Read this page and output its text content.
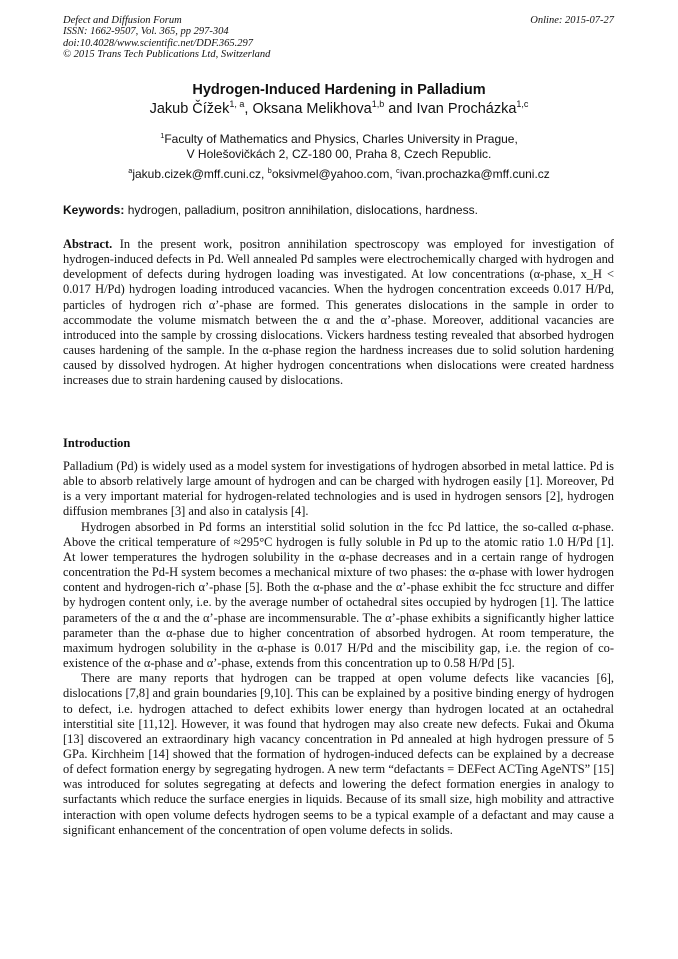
Defect and Diffusion Forum
ISSN: 1662-9507, Vol. 365, pp 297-304
doi:10.4028/www.scientific.net/DDF.365.297
© 2015 Trans Tech Publications Ltd, Switzerland
Online: 2015-07-27
Hydrogen-Induced Hardening in Palladium
Jakub Čížek$^{1, a}$, Oksana Melikhova$^{1,b}$ and Ivan Procházka$^{1,c}$
$^1$Faculty of Mathematics and Physics, Charles University in Prague,
V Holešovičkách 2, CZ-180 00, Praha 8, Czech Republic.
$^a$jakub.cizek@mff.cuni.cz, $^b$oksivmel@yahoo.com, $^c$ivan.prochazka@mff.cuni.cz
Keywords: hydrogen, palladium, positron annihilation, dislocations, hardness.

Abstract. In the present work, positron annihilation spectroscopy was employed for investigation of hydrogen-induced defects in Pd. Well annealed Pd samples were electrochemically charged with hydrogen and development of defects during hydrogen loading was investigated. At low concentrations (α-phase, x_H < 0.017 H/Pd) hydrogen loading introduced vacancies. When the hydrogen concentration exceeds 0.017 H/Pd, particles of hydrogen rich α’-phase are formed. This generates dislocations in the sample in order to accommodate the volume mismatch between the α and the α’-phase. Moreover, additional vacancies are introduced into the sample by crossing dislocations. Vickers hardness testing revealed that absorbed hydrogen causes hardening of the sample. In the α-phase region the hardness increases due to solid solution hardening caused by dissolved hydrogen. At higher hydrogen concentrations when dislocations were created hardness increases due to strain hardening caused by dislocations.

Introduction

Palladium (Pd) is widely used as a model system for investigations of hydrogen absorbed in metal lattice. Pd is able to absorb relatively large amount of hydrogen and can be charged with hydrogen easily [1]. Moreover, Pd is a very important material for hydrogen-related technologies and is used in hydrogen sensors [2], hydrogen diffusion membranes [3] and also in catalysis [4].

Hydrogen absorbed in Pd forms an interstitial solid solution in the fcc Pd lattice, the so-called α-phase. Above the critical temperature of ≈295°C hydrogen is fully soluble in Pd up to the atomic ratio 1.0 H/Pd [1]. At lower temperatures the hydrogen solubility in the α-phase decreases and in a certain range of hydrogen concentration the Pd-H system becomes a mechanical mixture of two phases: the α-phase with lower hydrogen content and hydrogen-rich α’-phase [5]. Both the α-phase and the α’-phase exhibit the fcc structure and differ by hydrogen content only, i.e. by the average number of octahedral sites occupied by hydrogen [1]. The lattice parameters of the α and the α’-phase are incommensurable. The α’-phase exhibits a significantly higher lattice parameter than the α-phase due to higher concentration of absorbed hydrogen. At room temperature, the maximum hydrogen solubility in the α-phase is 0.017 H/Pd and the miscibility gap, i.e. the region of co-existence of the α-phase and α’-phase, extends from this concentration up to 0.58 H/Pd [5].

There are many reports that hydrogen can be trapped at open volume defects like vacancies [6], dislocations [7,8] and grain boundaries [9,10]. This can be explained by a positive binding energy of hydrogen to defect, i.e. hydrogen attached to defect exhibits lower energy than hydrogen located at an octahedral interstitial site [11,12]. However, it was found that hydrogen may also create new defects. Fukai and Ōkuma [13] discovered an extraordinary high vacancy concentration in Pd annealed at high hydrogen pressure of 5 GPa. Kirchheim [14] showed that the formation of hydrogen-induced defects can be explained by a decrease of defect formation energy by segregating hydrogen. A new term “defactants = DEFect ACTing AgeNTS” [15] was introduced for solutes segregating at defects and lowering the defect formation energies in analogy to surfactants which reduce the surface energies in liquids. Because of its small size, high mobility and attractive interaction with open volume defects hydrogen seems to be a typical example of a defactant and may cause a significant enhancement of the concentration of open volume defects in solids.
